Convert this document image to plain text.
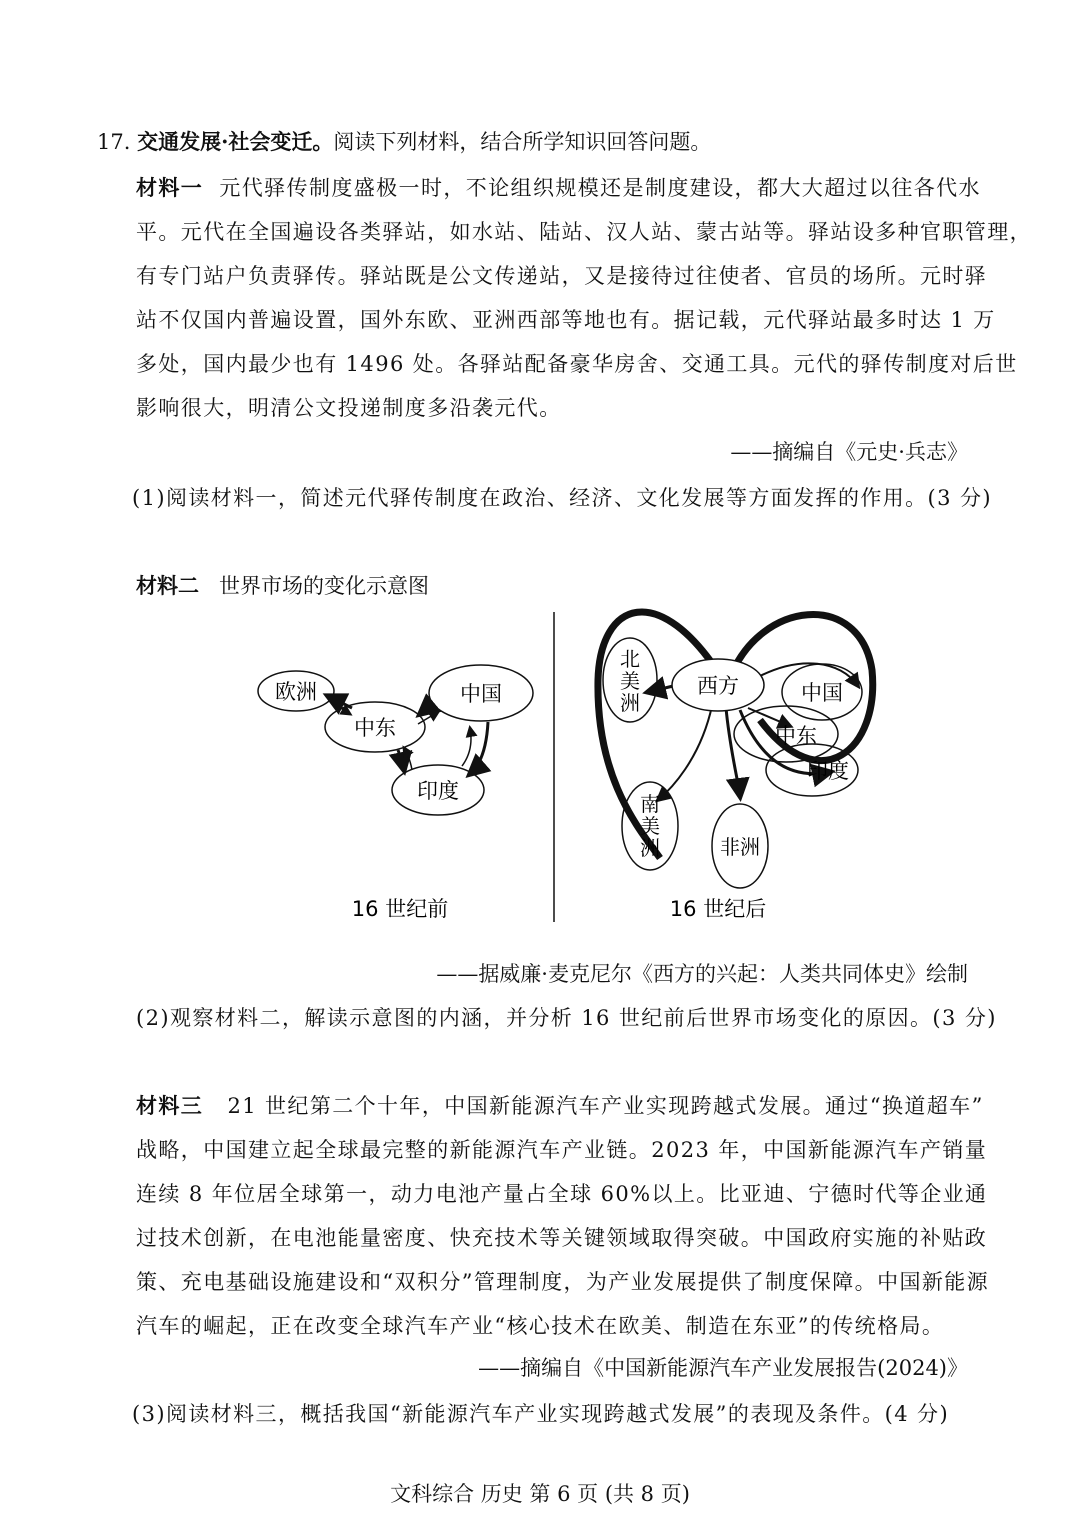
17. 交通发展·社会变迁。阅读下列材料，结合所学知识回答问题。
材料一 元代驿传制度盛极一时，不论组织规模还是制度建设，都大大超过以往各代水
平。元代在全国遍设各类驿站，如水站、陆站、汉人站、蒙古站等。驿站设多种官职管理，
有专门站户负责驿传。驿站既是公文传递站，又是接待过往使者、官员的场所。元时驿
站不仅国内普遍设置，国外东欧、亚洲西部等地也有。据记载，元代驿站最多时达 1 万
多处，国内最少也有 1496 处。各驿站配备豪华房舍、交通工具。元代的驿传制度对后世
影响很大，明清公文投递制度多沿袭元代。
——摘编自《元史·兵志》
(1)阅读材料一，简述元代驿传制度在政治、经济、文化发展等方面发挥的作用。(3 分)
材料二 世界市场的变化示意图
欧洲
中东
中国
印度
西方	中国
中东
印度
北
美
洲
南
美
洲	非洲
16 世纪前	16 世纪后
——据威廉·麦克尼尔《西方的兴起：人类共同体史》绘制
(2)观察材料二，解读示意图的内涵，并分析 16 世纪前后世界市场变化的原因。(3 分)
材料三 21 世纪第二个十年，中国新能源汽车产业实现跨越式发展。通过“换道超车”
战略，中国建立起全球最完整的新能源汽车产业链。2023 年，中国新能源汽车产销量
连续 8 年位居全球第一，动力电池产量占全球 60%以上。比亚迪、宁德时代等企业通
过技术创新，在电池能量密度、快充技术等关键领域取得突破。中国政府实施的补贴政
策、充电基础设施建设和“双积分”管理制度，为产业发展提供了制度保障。中国新能源
汽车的崛起，正在改变全球汽车产业“核心技术在欧美、制造在东亚”的传统格局。
——摘编自《中国新能源汽车产业发展报告(2024)》
(3)阅读材料三，概括我国“新能源汽车产业实现跨越式发展”的表现及条件。(4 分)
文科综合 历史 第 6 页 (共 8 页)
